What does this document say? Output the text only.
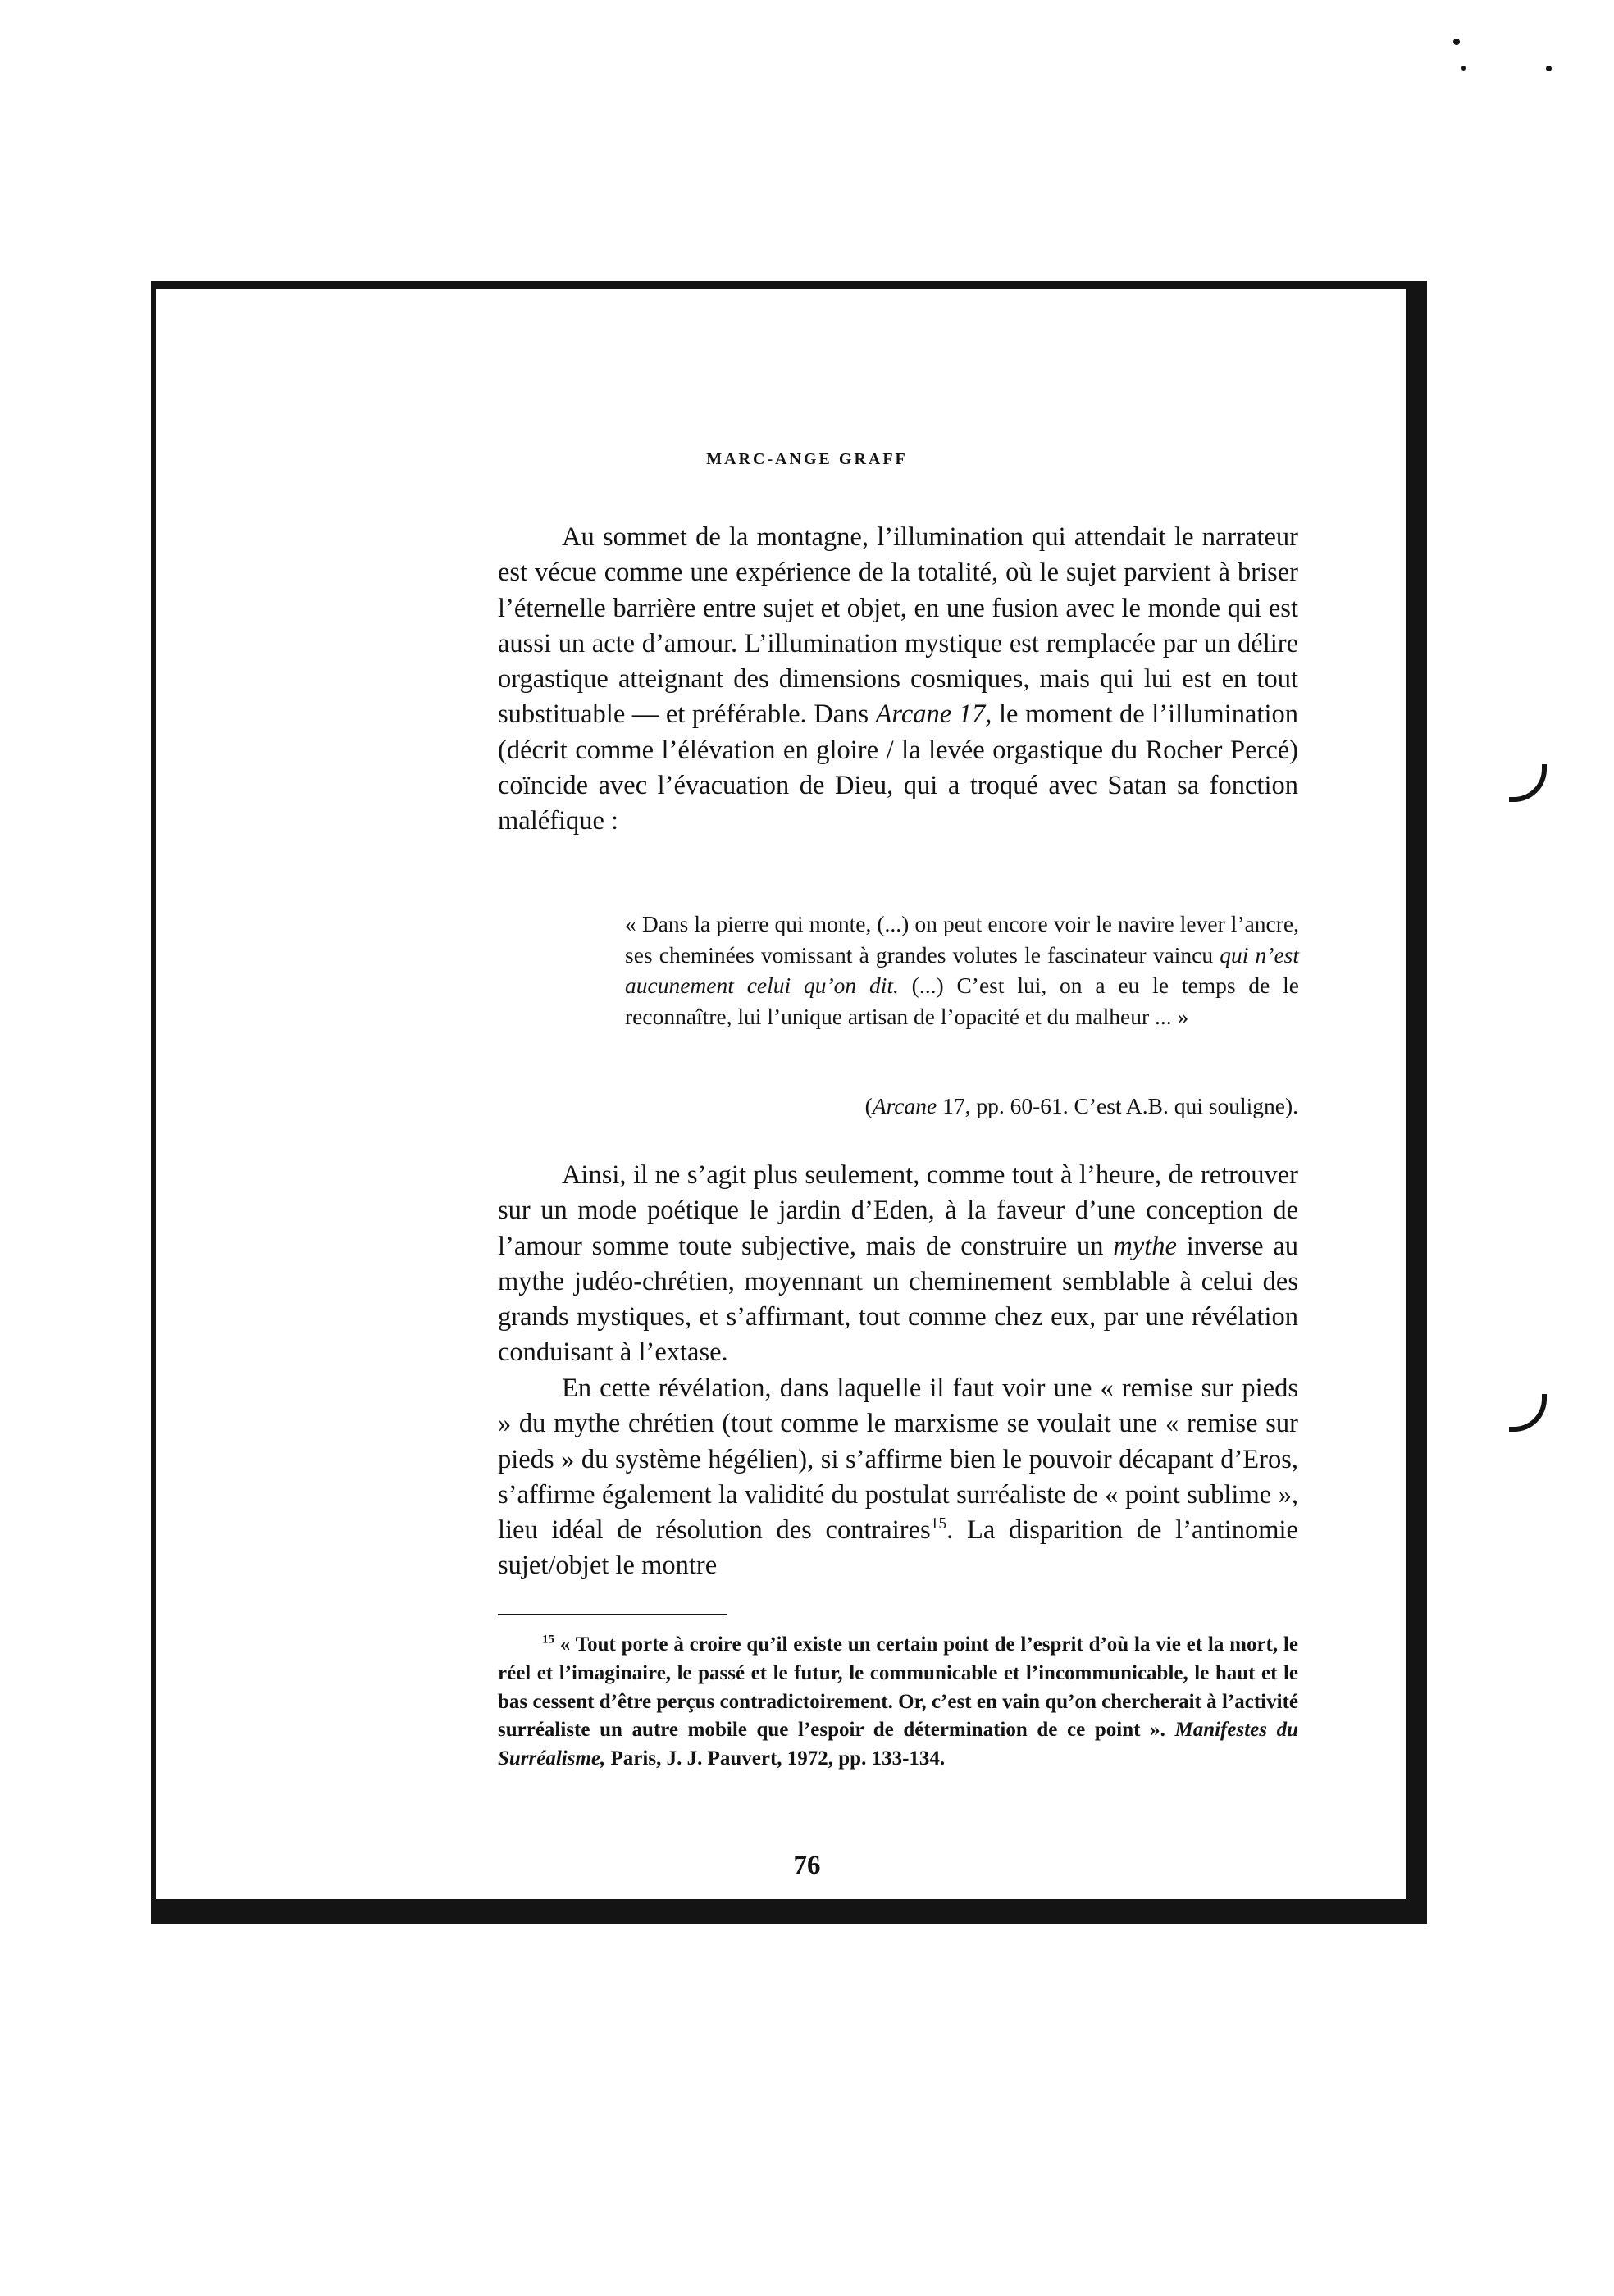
MARC-ANGE GRAFF

Au sommet de la montagne, l’illumination qui attendait le narrateur est vécue comme une expérience de la totalité, où le sujet parvient à briser l’éternelle barrière entre sujet et objet, en une fusion avec le monde qui est aussi un acte d’amour. L’illumination mystique est remplacée par un délire orgastique atteignant des dimensions cosmiques, mais qui lui est en tout substituable — et préférable. Dans Arcane 17, le moment de l’illumination (décrit comme l’élévation en gloire / la levée orgastique du Rocher Percé) coïncide avec l’évacuation de Dieu, qui a troqué avec Satan sa fonction maléfique :

« Dans la pierre qui monte, (...) on peut encore voir le navire lever l’ancre, ses cheminées vomissant à grandes volutes le fascinateur vaincu qui n’est aucunement celui qu’on dit. (...) C’est lui, on a eu le temps de le reconnaître, lui l’unique artisan de l’opacité et du malheur ... »

(Arcane 17, pp. 60-61. C’est A.B. qui souligne).

Ainsi, il ne s’agit plus seulement, comme tout à l’heure, de retrouver sur un mode poétique le jardin d’Eden, à la faveur d’une conception de l’amour somme toute subjective, mais de construire un mythe inverse au mythe judéo-chrétien, moyennant un cheminement semblable à celui des grands mystiques, et s’affirmant, tout comme chez eux, par une révélation conduisant à l’extase.

En cette révélation, dans laquelle il faut voir une « remise sur pieds » du mythe chrétien (tout comme le marxisme se voulait une « remise sur pieds » du système hégélien), si s’affirme bien le pouvoir décapant d’Eros, s’affirme également la validité du postulat surréaliste de « point sublime », lieu idéal de résolution des contraires$^{15}$. La disparition de l’antinomie sujet/objet le montre

$^{15}$ « Tout porte à croire qu’il existe un certain point de l’esprit d’où la vie et la mort, le réel et l’imaginaire, le passé et le futur, le communicable et l’incommunicable, le haut et le bas cessent d’être perçus contradictoirement. Or, c’est en vain qu’on chercherait à l’activité surréaliste un autre mobile que l’espoir de détermination de ce point ». Manifestes du Surréalisme, Paris, J. J. Pauvert, 1972, pp. 133-134.

76
